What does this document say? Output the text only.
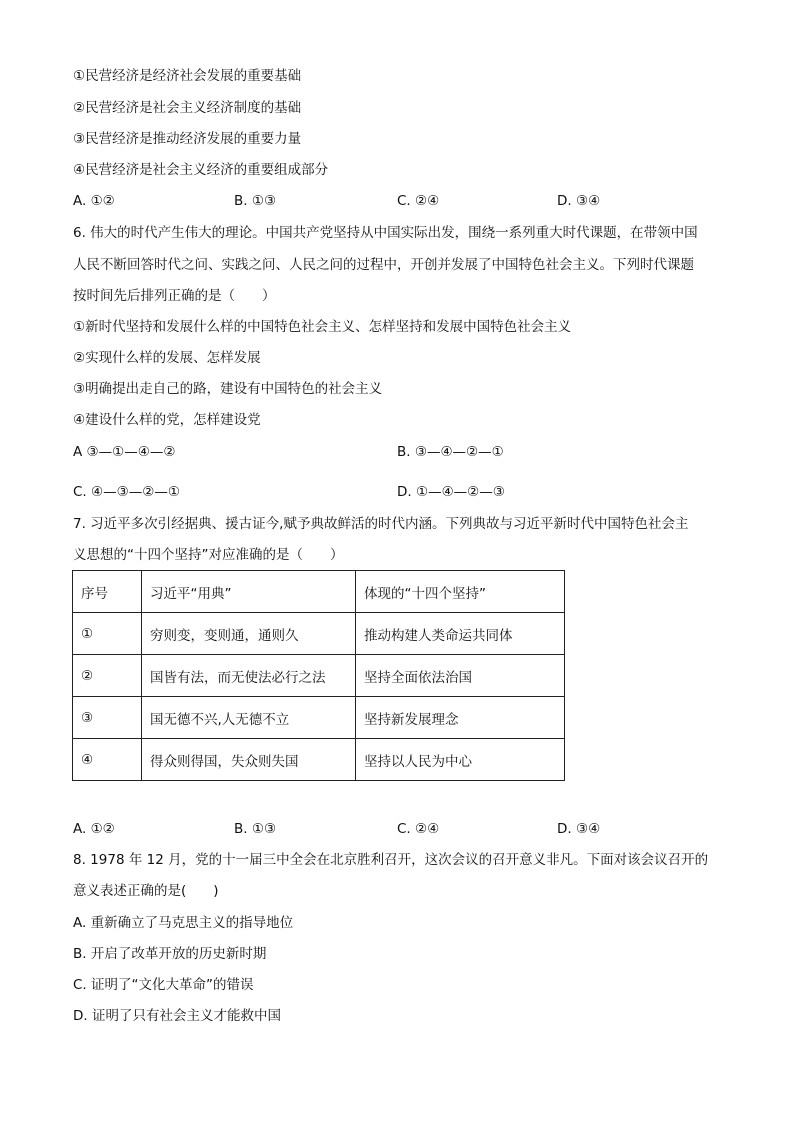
①民营经济是经济社会发展的重要基础
②民营经济是社会主义经济制度的基础
③民营经济是推动经济发展的重要力量
④民营经济是社会主义经济的重要组成部分
A. ①②	B. ①③	C. ②④	D. ③④
6. 伟大的时代产生伟大的理论。中国共产党坚持从中国实际出发，围绕一系列重大时代课题，在带领中国
人民不断回答时代之问、实践之问、人民之问的过程中，开创并发展了中国特色社会主义。下列时代课题
按时间先后排列正确的是（　　）
①新时代坚持和发展什么样的中国特色社会主义、怎样坚持和发展中国特色社会主义
②实现什么样的发展、怎样发展
③明确提出走自己的路，建设有中国特色的社会主义
④建设什么样的党，怎样建设党
A ③—①—④—②	B. ③—④—②—①
C. ④—③—②—①	D. ①—④—②—③
7. 习近平多次引经据典、援古证今,赋予典故鲜活的时代内涵。下列典故与习近平新时代中国特色社会主
义思想的“十四个坚持”对应准确的是（　　）
序号	习近平“用典”	体现的“十四个坚持”
①	穷则变，变则通，通则久	推动构建人类命运共同体
②	国皆有法，而无使法必行之法	坚持全面依法治国
③	国无德不兴,人无德不立	坚持新发展理念
④	得众则得国，失众则失国	坚持以人民为中心
A. ①②	B. ①③	C. ②④	D. ③④
8. 1978 年 12 月，党的十一届三中全会在北京胜利召开，这次会议的召开意义非凡。下面对该会议召开的
意义表述正确的是(　　)
A. 重新确立了马克思主义的指导地位
B. 开启了改革开放的历史新时期
C. 证明了“文化大革命”的错误
D. 证明了只有社会主义才能救中国
